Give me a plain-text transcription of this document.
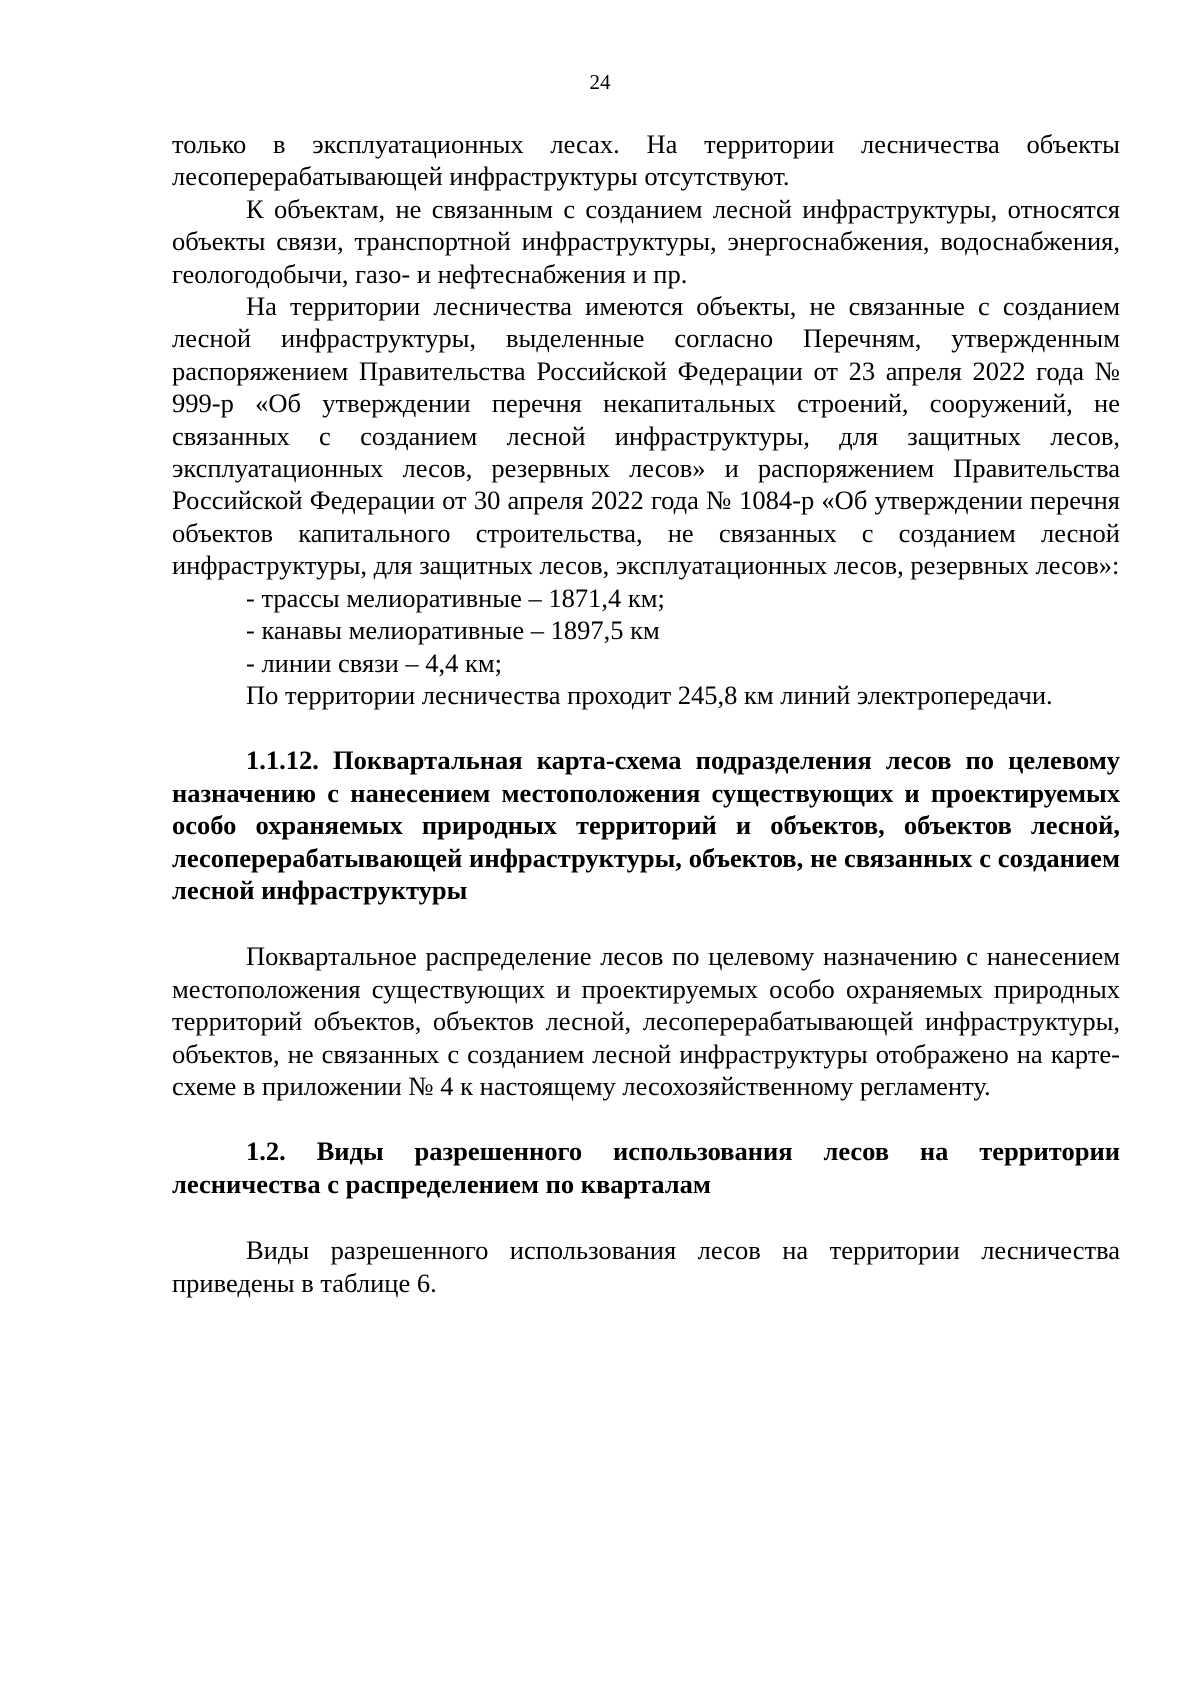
24

только в эксплуатационных лесах. На территории лесничества объекты лесоперерабатывающей инфраструктуры отсутствуют.

К объектам, не связанным с созданием лесной инфраструктуры, относятся объекты связи, транспортной инфраструктуры, энергоснабжения, водоснабжения, геологодобычи, газо- и нефтеснабжения и пр.

На территории лесничества имеются объекты, не связанные с созданием лесной инфраструктуры, выделенные согласно Перечням, утвержденным распоряжением Правительства Российской Федерации от 23 апреля 2022 года № 999-р «Об утверждении перечня некапитальных строений, сооружений, не связанных с созданием лесной инфраструктуры, для защитных лесов, эксплуатационных лесов, резервных лесов» и распоряжением Правительства Российской Федерации от 30 апреля 2022 года № 1084-р «Об утверждении перечня объектов капитального строительства, не связанных с созданием лесной инфраструктуры, для защитных лесов, эксплуатационных лесов, резервных лесов»:

- трассы мелиоративные – 1871,4 км;

- канавы мелиоративные – 1897,5 км

- линии связи – 4,4 км;

По территории лесничества проходит 245,8 км линий электропередачи.

1.1.12. Поквартальная карта-схема подразделения лесов по целевому назначению с нанесением местоположения существующих и проектируемых особо охраняемых природных территорий и объектов, объектов лесной, лесоперерабатывающей инфраструктуры, объектов, не связанных с созданием лесной инфраструктуры

Поквартальное распределение лесов по целевому назначению с нанесением местоположения существующих и проектируемых особо охраняемых природных территорий объектов, объектов лесной, лесоперерабатывающей инфраструктуры, объектов, не связанных с созданием лесной инфраструктуры отображено на карте-схеме в приложении № 4 к настоящему лесохозяйственному регламенту.

1.2. Виды разрешенного использования лесов на территории лесничества с распределением по кварталам

Виды разрешенного использования лесов на территории лесничества приведены в таблице 6.
